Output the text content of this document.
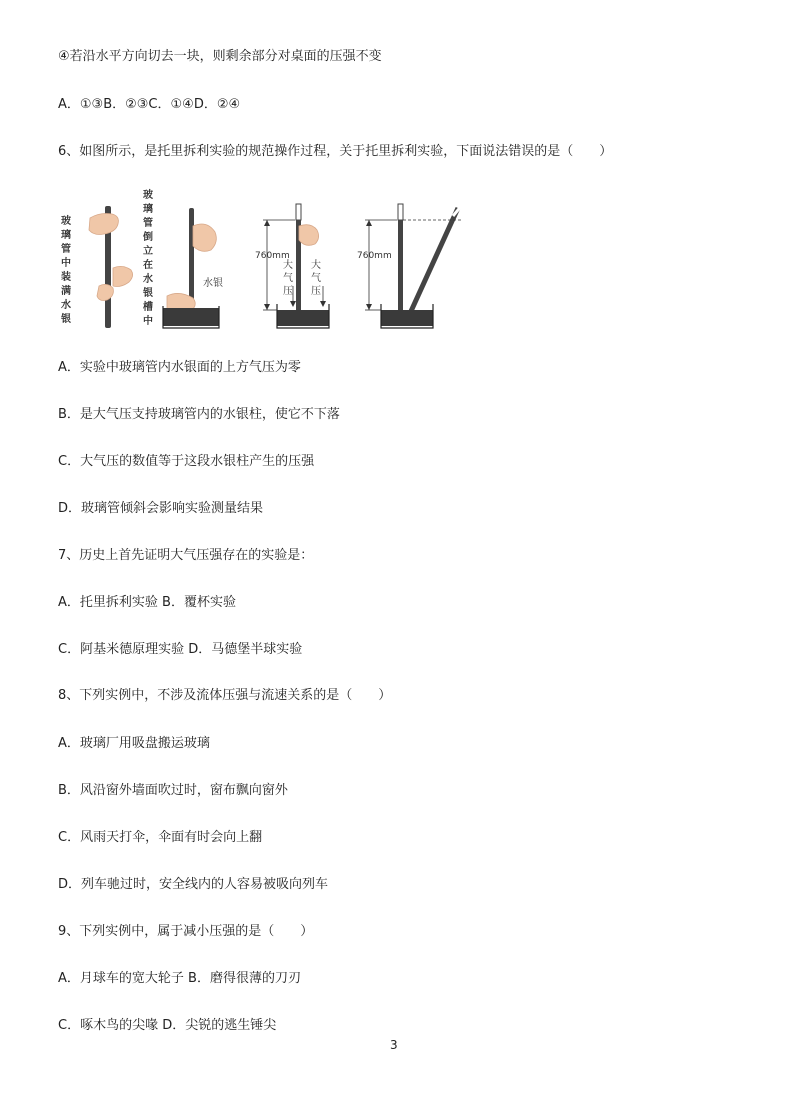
④若沿水平方向切去一块，则剩余部分对桌面的压强不变
A．①③B．②③C．①④D．②④
6、如图所示，是托里拆利实验的规范操作过程，关于托里拆利实验，下面说法错误的是（　　）
玻
璃
管
中
装
满
水
银
玻
璃
管
倒
立
在
水
银
槽
中
水银
760mm
大
气
压
大
气
压
760mm
A．实验中玻璃管内水银面的上方气压为零
B．是大气压支持玻璃管内的水银柱，使它不下落
C．大气压的数值等于这段水银柱产生的压强
D．玻璃管倾斜会影响实验测量结果
7、历史上首先证明大气压强存在的实验是：
A．托里拆利实验 B．覆杯实验
C．阿基米德原理实验 D．马德堡半球实验
8、下列实例中，不涉及流体压强与流速关系的是（　　）
A．玻璃厂用吸盘搬运玻璃
B．风沿窗外墙面吹过时，窗布飘向窗外
C．风雨天打伞，伞面有时会向上翻
D．列车驰过时，安全线内的人容易被吸向列车
9、下列实例中，属于减小压强的是（　　）
A．月球车的宽大轮子 B．磨得很薄的刀刃
C．啄木鸟的尖喙 D．尖锐的逃生锤尖
3
